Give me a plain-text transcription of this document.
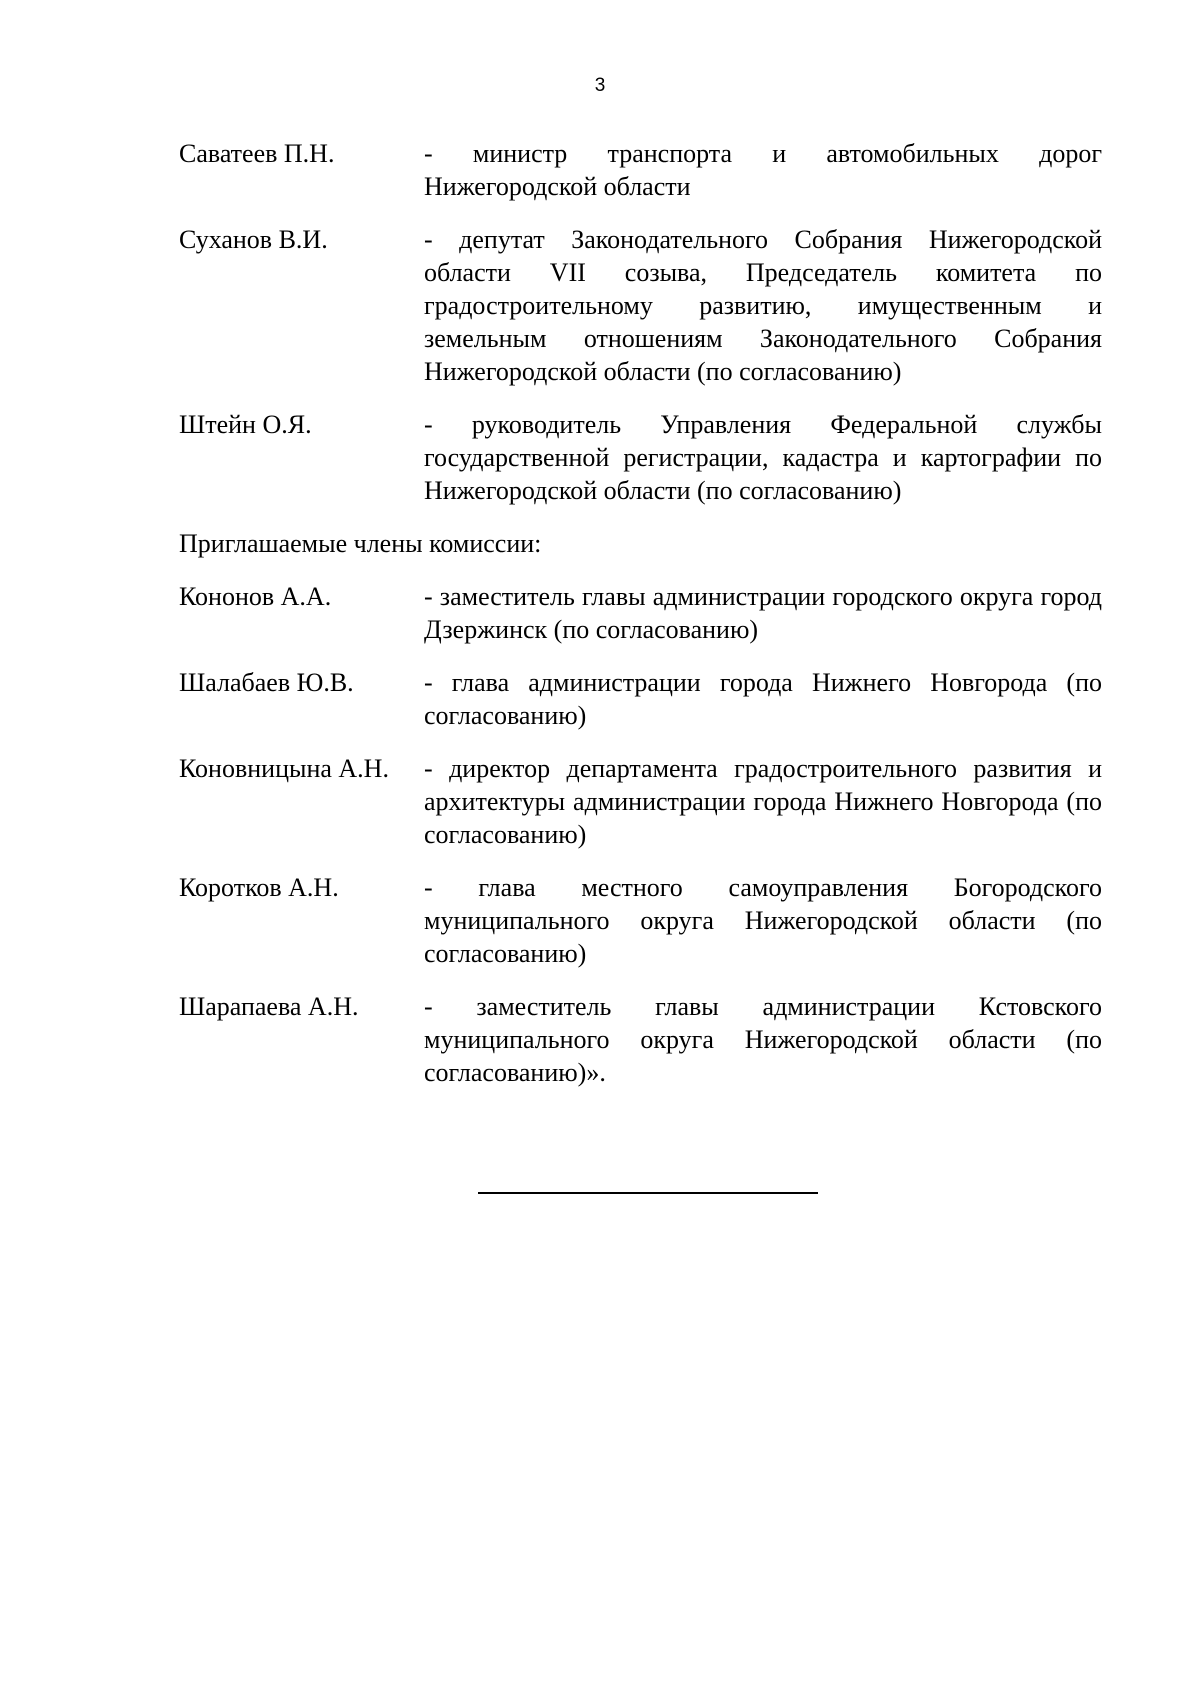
3
Саватеев П.Н.	- министр транспорта и автомобильных дорог Нижегородской области
Суханов В.И.	- депутат Законодательного Собрания Нижегородской области VII созыва, Председатель комитета по градостроительному развитию, имущественным и земельным отношениям Законодательного Собрания Нижегородской области (по согласованию)
Штейн О.Я.	- руководитель Управления Федеральной службы государственной регистрации, кадастра и картографии по Нижегородской области (по согласованию)
Приглашаемые члены комиссии:
Кононов А.А.	- заместитель главы администрации городского округа город Дзержинск (по согласованию)
Шалабаев Ю.В.	- глава администрации города Нижнего Новгорода (по согласованию)
Коновницына А.Н.	- директор департамента градостроительного развития и архитектуры администрации города Нижнего Новгорода (по согласованию)
Коротков А.Н.	- глава местного самоуправления Богородского муниципального округа Нижегородской области (по согласованию)
Шарапаева А.Н.	- заместитель главы администрации Кстовского муниципального округа Нижегородской области (по согласованию)».
